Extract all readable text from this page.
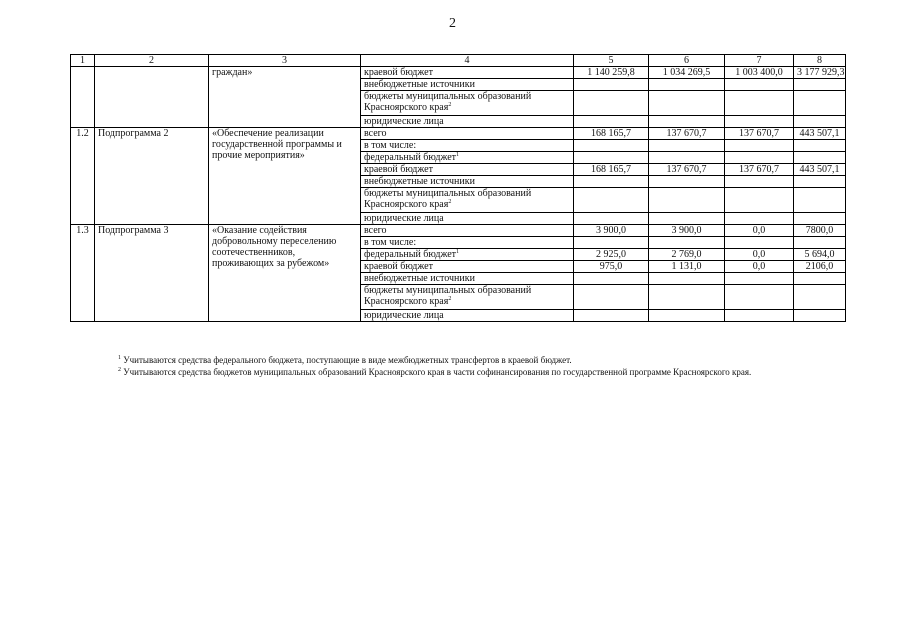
2
1	2	3	4	5	6	7	8
		граждан»	краевой бюджет	1 140 259,8	1 034 269,5	1 003 400,0	3 177 929,3
			внебюджетные источники				
			бюджеты муниципальных образований Красноярского края$^2$				
			юридические лица				
1.2	Подпрограмма 2	«Обеспечение реализации государственной программы и прочие мероприятия»	всего	168 165,7	137 670,7	137 670,7	443 507,1
			в том числе:				
			федеральный бюджет$^1$				
			краевой бюджет	168 165,7	137 670,7	137 670,7	443 507,1
			внебюджетные источники				
			бюджеты муниципальных образований Красноярского края$^2$				
			юридические лица				
1.3	Подпрограмма 3	«Оказание содействия добровольному переселению соотечественников, проживающих за рубежом»	всего	3 900,0	3 900,0	0,0	7800,0
			в том числе:				
			федеральный бюджет$^1$	2 925,0	2 769,0	0,0	5 694,0
			краевой бюджет	975,0	1 131,0	0,0	2106,0
			внебюджетные источники				
			бюджеты муниципальных образований Красноярского края$^2$				
			юридические лица				
$^1$ Учитываются средства федерального бюджета, поступающие в виде межбюджетных трансфертов в краевой бюджет.
$^2$ Учитываются средства бюджетов муниципальных образований Красноярского края в части софинансирования по государственной программе Красноярского края.
